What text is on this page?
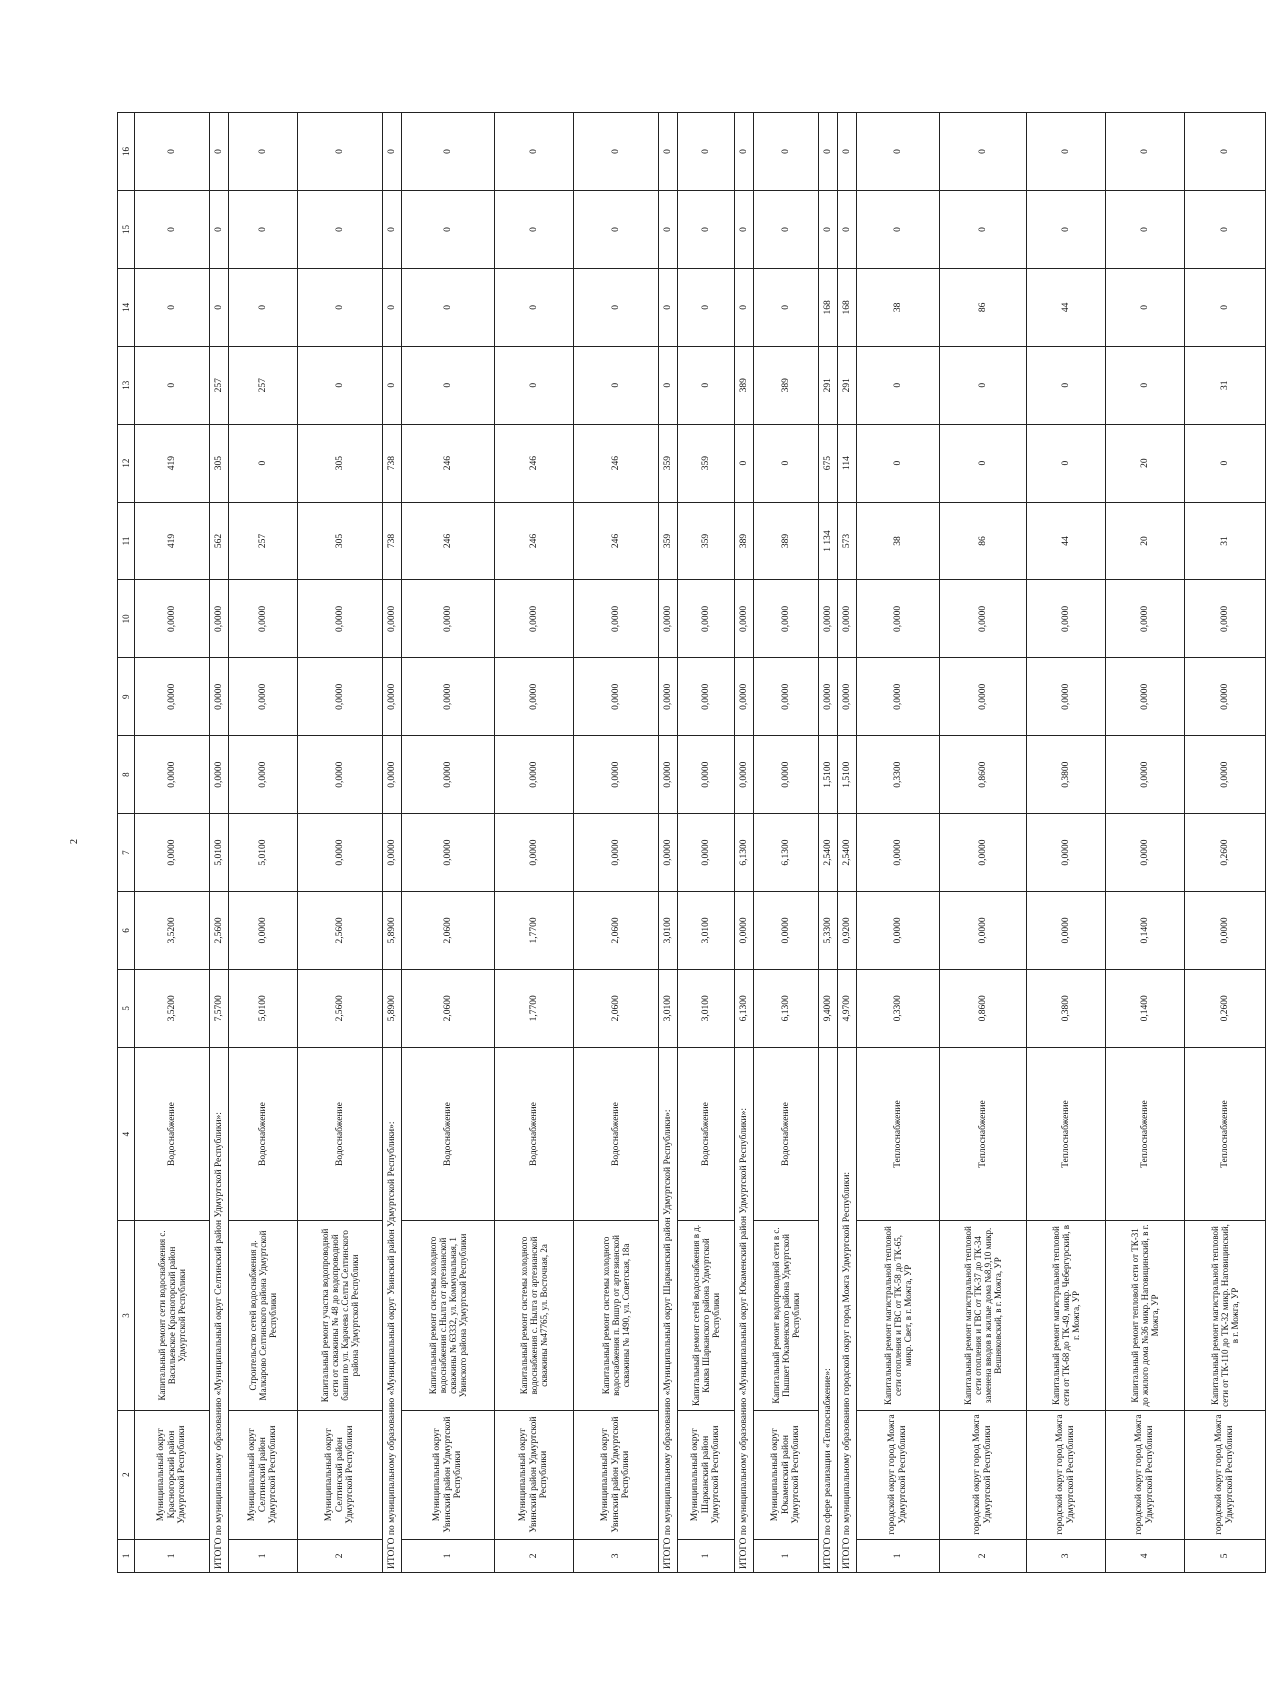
2
1	2	3	4	5	6	7	8	9	10	11	12	13	14	15	16
1	Муниципальный округ Красногорский район Удмуртской Республики	Капитальный ремонт сети водоснабжения с. Васильевское Красногорский район Удмуртской Республики	Водоснабжение	3,5200	3,5200	0,0000	0,0000	0,0000	0,0000	419	419	0	0	0	0
ИТОГО по муниципальному образованию «Муниципальный округ Селтинский район Удмуртской Республики»:				7,5700	2,5600	5,0100	0,0000	0,0000	0,0000	562	305	257	0	0	0
1	Муниципальный округ Селтинский район Удмуртской Республики	Строительство сетей водоснабжения д. Малкарово Селтинского района Удмуртской Республики	Водоснабжение	5,0100	0,0000	5,0100	0,0000	0,0000	0,0000	257	0	257	0	0	0
2	Муниципальный округ Селтинский район Удмуртской Республики	Капитальный ремонт участка водопроводной сети от скважины № 48 до водопроводной башни по ул. Карачева с.Селты Селтинского района Удмуртской Республики	Водоснабжение	2,5600	2,5600	0,0000	0,0000	0,0000	0,0000	305	305	0	0	0	0
ИТОГО по муниципальному образованию «Муниципальный округ Увинский район Удмуртской Республики»:				5,8900	5,8900	0,0000	0,0000	0,0000	0,0000	738	738	0	0	0	0
1	Муниципальный округ Увинский район Удмуртской Республики	Капитальный ремонт системы холодного водоснабжения с.Нылга от артезианской скважины № 63332, ул. Коммунальная, 1 Увинского района Удмуртской Республики	Водоснабжение	2,0600	2,0600	0,0000	0,0000	0,0000	0,0000	246	246	0	0	0	0
2	Муниципальный округ Увинский район Удмуртской Республики	Капитальный ремонт системы холодного водоснабжения с. Нылга от артезианской скважины №47765, ул. Восточная, 2а	Водоснабжение	1,7700	1,7700	0,0000	0,0000	0,0000	0,0000	246	246	0	0	0	0
3	Муниципальный округ Увинский район Удмуртской Республики	Капитальный ремонт системы холодного водоснабжения п. Вишур от артезианской скважины № 1490, ул. Советская, 18а	Водоснабжение	2,0600	2,0600	0,0000	0,0000	0,0000	0,0000	246	246	0	0	0	0
ИТОГО по муниципальному образованию «Муниципальный округ Шарканский район Удмуртской Республики»:				3,0100	3,0100	0,0000	0,0000	0,0000	0,0000	359	359	0	0	0	0
1	Муниципальный округ Шарканский район Удмуртской Республики	Капитальный ремонт сетей водоснабжения в д. Кыква Шарканского района Удмуртской Республики	Водоснабжение	3,0100	3,0100	0,0000	0,0000	0,0000	0,0000	359	359	0	0	0	0
ИТОГО по муниципальному образованию «Муниципальный округ Юкаменский район Удмуртской Республики»:				6,1300	0,0000	6,1300	0,0000	0,0000	0,0000	389	0	389	0	0	0
1	Муниципальный округ Юкаменский район Удмуртской Республики	Капитальный ремонт водопроводной сети в с. Пышкет Юкаменского района Удмуртской Республики	Водоснабжение	6,1300	0,0000	6,1300	0,0000	0,0000	0,0000	389	0	389	0	0	0
ИТОГО по сфере реализации «Теплоснабжение»:				9,4000	5,3300	2,5400	1,5100	0,0000	0,0000	1 134	675	291	168	0	0
ИТОГО по муниципальному образованию городской округ город Можга Удмуртской Республики:				4,9700	0,9200	2,5400	1,5100	0,0000	0,0000	573	114	291	168	0	0
1	городской округ город Можга Удмуртской Республики	Капитальный ремонт магистральной тепловой сети отопления и ГВС от ТК-58 до ТК-65, микр. Свет, в г. Можга, УР	Теплоснабжение	0,3300	0,0000	0,0000	0,3300	0,0000	0,0000	38	0	0	38	0	0
2	городской округ город Можга Удмуртской Республики	Капитальный ремонт магистральной тепловой сети отопления и ГВС от ТК-37 до ТК-34 заменена вводов в жилые дома №8,9,10 микр. Вешняковский, в г. Можга, УР	Теплоснабжение	0,8600	0,0000	0,0000	0,8600	0,0000	0,0000	86	0	0	86	0	0
3	городской округ город Можга Удмуртской Республики	Капитальный ремонт магистральной тепловой сети от ТК-68 до ТК-49, микр. Чебергурский, в г. Можга, УР	Теплоснабжение	0,3800	0,0000	0,0000	0,3800	0,0000	0,0000	44	0	0	44	0	0
4	городской округ город Можга Удмуртской Республики	Капитальный ремонт тепловой сети от ТК-31 до жилого дома №36 микр. Наговицинский, в г. Можга, УР	Теплоснабжение	0,1400	0,1400	0,0000	0,0000	0,0000	0,0000	20	20	0	0	0	0
5	городской округ город Можга Удмуртской Республики	Капитальный ремонт магистральной тепловой сети от ТК-110 до ТК-32 микр. Наговицинский, в г. Можга, УР	Теплоснабжение	0,2600	0,0000	0,2600	0,0000	0,0000	0,0000	31	0	31	0	0	0
